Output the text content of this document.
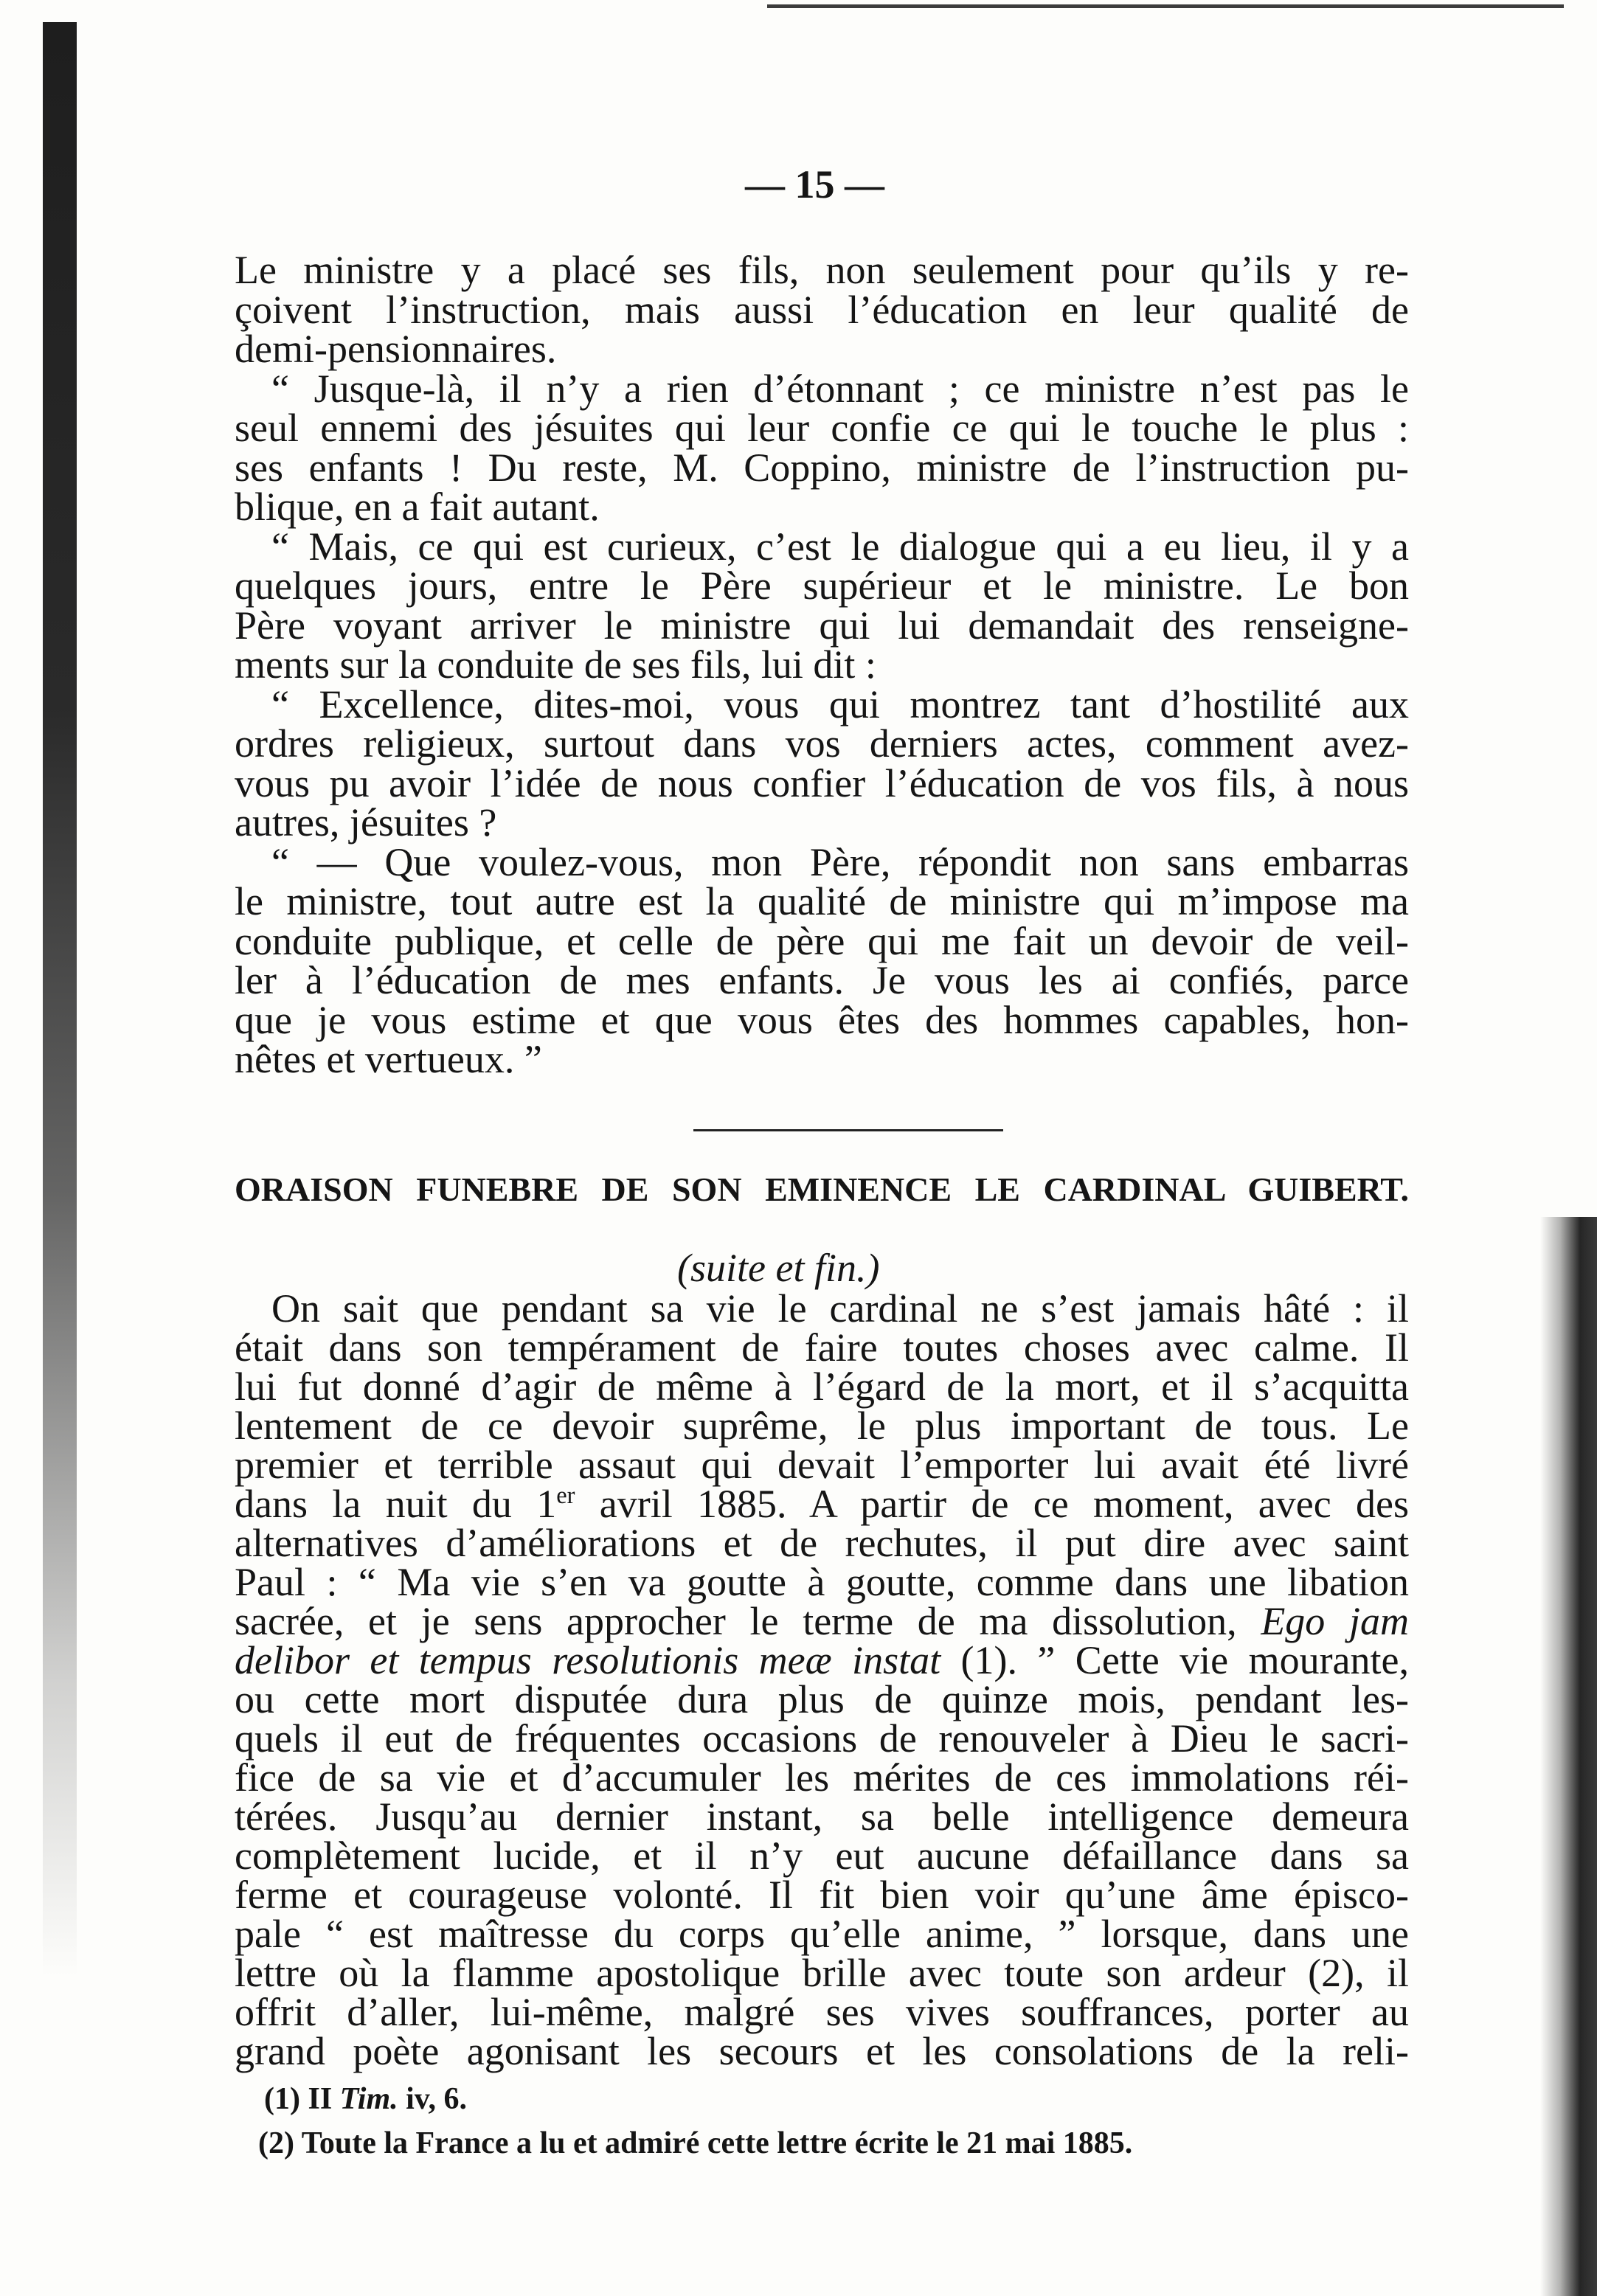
— 15 —
Le ministre y a placé ses fils, non seulement pour qu’ils y re-
çoivent l’instruction, mais aussi l’éducation en leur qualité de
demi-pensionnaires.
“ Jusque-là, il n’y a rien d’étonnant ; ce ministre n’est pas le
seul ennemi des jésuites qui leur confie ce qui le touche le plus :
ses enfants ! Du reste, M. Coppino, ministre de l’instruction pu-
blique, en a fait autant.
“ Mais, ce qui est curieux, c’est le dialogue qui a eu lieu, il y a
quelques jours, entre le Père supérieur et le ministre. Le bon
Père voyant arriver le ministre qui lui demandait des renseigne-
ments sur la conduite de ses fils, lui dit :
“ Excellence, dites-moi, vous qui montrez tant d’hostilité aux
ordres religieux, surtout dans vos derniers actes, comment avez-
vous pu avoir l’idée de nous confier l’éducation de vos fils, à nous
autres, jésuites ?
“ — Que voulez-vous, mon Père, répondit non sans embarras
le ministre, tout autre est la qualité de ministre qui m’impose ma
conduite publique, et celle de père qui me fait un devoir de veil-
ler à l’éducation de mes enfants. Je vous les ai confiés, parce
que je vous estime et que vous êtes des hommes capables, hon-
nêtes et vertueux. ”
ORAISON FUNEBRE DE SON EMINENCE LE CARDINAL GUIBERT.
(suite et fin.)
On sait que pendant sa vie le cardinal ne s’est jamais hâté : il
était dans son tempérament de faire toutes choses avec calme. Il
lui fut donné d’agir de même à l’égard de la mort, et il s’acquitta
lentement de ce devoir suprême, le plus important de tous. Le
premier et terrible assaut qui devait l’emporter lui avait été livré
dans la nuit du 1er avril 1885. A partir de ce moment, avec des
alternatives d’améliorations et de rechutes, il put dire avec saint
Paul : “ Ma vie s’en va goutte à goutte, comme dans une libation
sacrée, et je sens approcher le terme de ma dissolution, Ego jam
delibor et tempus resolutionis meæ instat (1). ” Cette vie mourante,
ou cette mort disputée dura plus de quinze mois, pendant les-
quels il eut de fréquentes occasions de renouveler à Dieu le sacri-
fice de sa vie et d’accumuler les mérites de ces immolations réi-
térées. Jusqu’au dernier instant, sa belle intelligence demeura
complètement lucide, et il n’y eut aucune défaillance dans sa
ferme et courageuse volonté. Il fit bien voir qu’une âme épisco-
pale “ est maîtresse du corps qu’elle anime, ” lorsque, dans une
lettre où la flamme apostolique brille avec toute son ardeur (2), il
offrit d’aller, lui-même, malgré ses vives souffrances, porter au
grand poète agonisant les secours et les consolations de la reli-
(1) II Tim. iv, 6.
(2) Toute la France a lu et admiré cette lettre écrite le 21 mai 1885.
